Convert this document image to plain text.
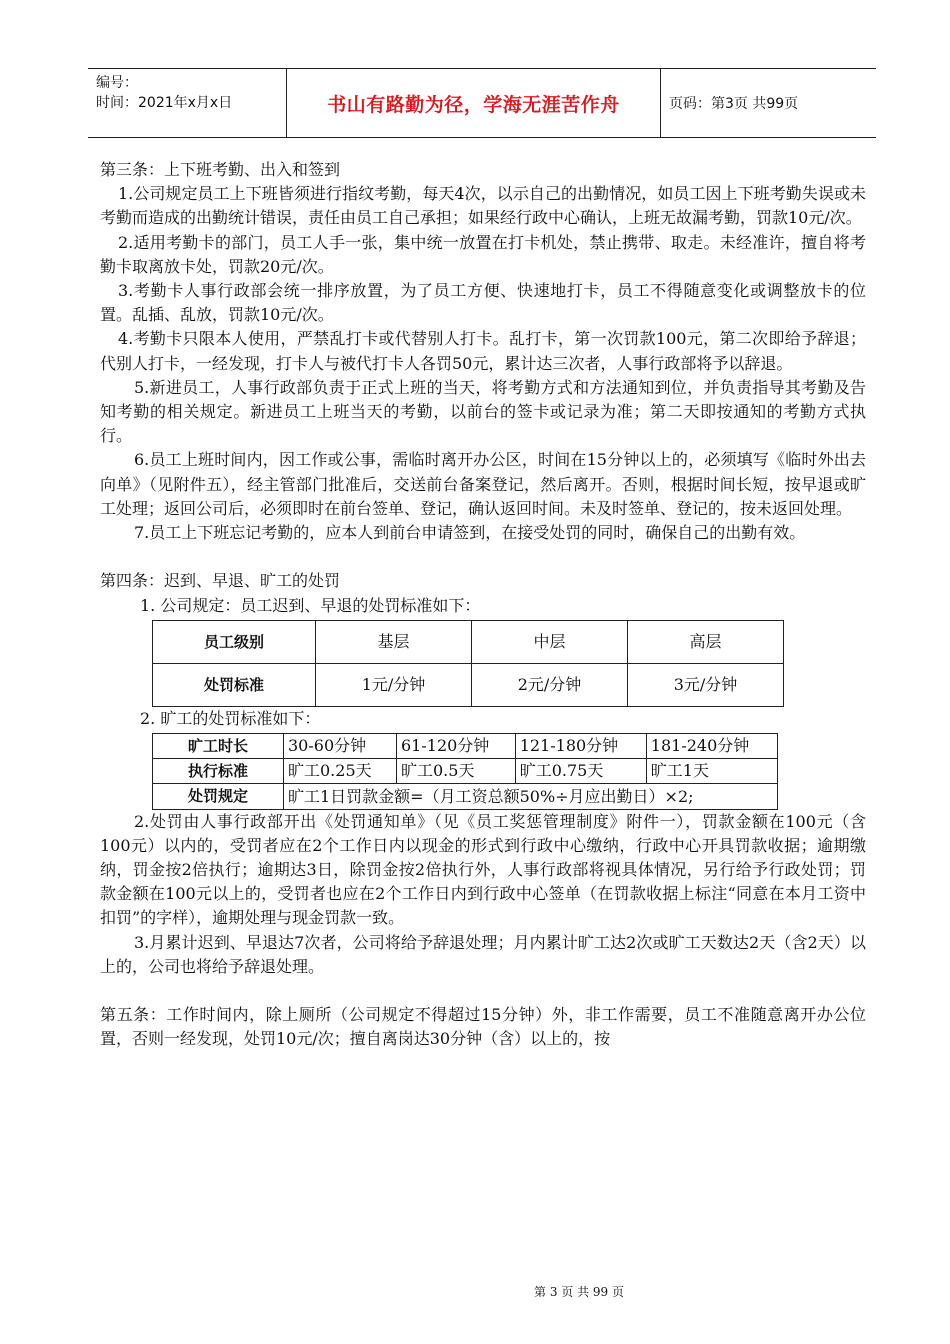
编号：
时间：2021年x月x日	书山有路勤为径，学海无涯苦作舟	页码：第3页 共99页

第三条：上下班考勤、出入和签到

1.公司规定员工上下班皆须进行指纹考勤，每天4次，以示自己的出勤情况，如员工因上下班考勤失误或未考勤而造成的出勤统计错误，责任由员工自己承担；如果经行政中心确认，上班无故漏考勤，罚款10元/次。

2.适用考勤卡的部门，员工人手一张，集中统一放置在打卡机处，禁止携带、取走。未经准许，擅自将考勤卡取离放卡处，罚款20元/次。

3.考勤卡人事行政部会统一排序放置，为了员工方便、快速地打卡，员工不得随意变化或调整放卡的位置。乱插、乱放，罚款10元/次。

4.考勤卡只限本人使用，严禁乱打卡或代替别人打卡。乱打卡，第一次罚款100元，第二次即给予辞退；代别人打卡，一经发现，打卡人与被代打卡人各罚50元，累计达三次者，人事行政部将予以辞退。

5.新进员工，人事行政部负责于正式上班的当天，将考勤方式和方法通知到位，并负责指导其考勤及告知考勤的相关规定。新进员工上班当天的考勤，以前台的签卡或记录为准；第二天即按通知的考勤方式执行。

6.员工上班时间内，因工作或公事，需临时离开办公区，时间在15分钟以上的，必须填写《临时外出去向单》（见附件五），经主管部门批准后，交送前台备案登记，然后离开。否则，根据时间长短，按早退或旷工处理；返回公司后，必须即时在前台签单、登记，确认返回时间。未及时签单、登记的，按未返回处理。

7.员工上下班忘记考勤的，应本人到前台申请签到，在接受处罚的同时，确保自己的出勤有效。

第四条：迟到、早退、旷工的处罚

1. 公司规定：员工迟到、早退的处罚标准如下：

员工级别	基层	中层	高层
处罚标准	1元/分钟	2元/分钟	3元/分钟

2. 旷工的处罚标准如下：

旷工时长	30-60分钟	61-120分钟	121-180分钟	181-240分钟
执行标准	旷工0.25天	旷工0.5天	旷工0.75天	旷工1天
处罚规定	旷工1日罚款金额=（月工资总额50%÷月应出勤日）×2;			

2.处罚由人事行政部开出《处罚通知单》（见《员工奖惩管理制度》附件一），罚款金额在100元（含100元）以内的，受罚者应在2个工作日内以现金的形式到行政中心缴纳，行政中心开具罚款收据；逾期缴纳，罚金按2倍执行；逾期达3日，除罚金按2倍执行外，人事行政部将视具体情况，另行给予行政处罚；罚款金额在100元以上的，受罚者也应在2个工作日内到行政中心签单（在罚款收据上标注“同意在本月工资中扣罚”的字样），逾期处理与现金罚款一致。

3.月累计迟到、早退达7次者，公司将给予辞退处理；月内累计旷工达2次或旷工天数达2天（含2天）以上的，公司也将给予辞退处理。

第五条：工作时间内，除上厕所（公司规定不得超过15分钟）外，非工作需要，员工不准随意离开办公位置，否则一经发现，处罚10元/次；擅自离岗达30分钟（含）以上的，按

第 3 页 共 99 页
